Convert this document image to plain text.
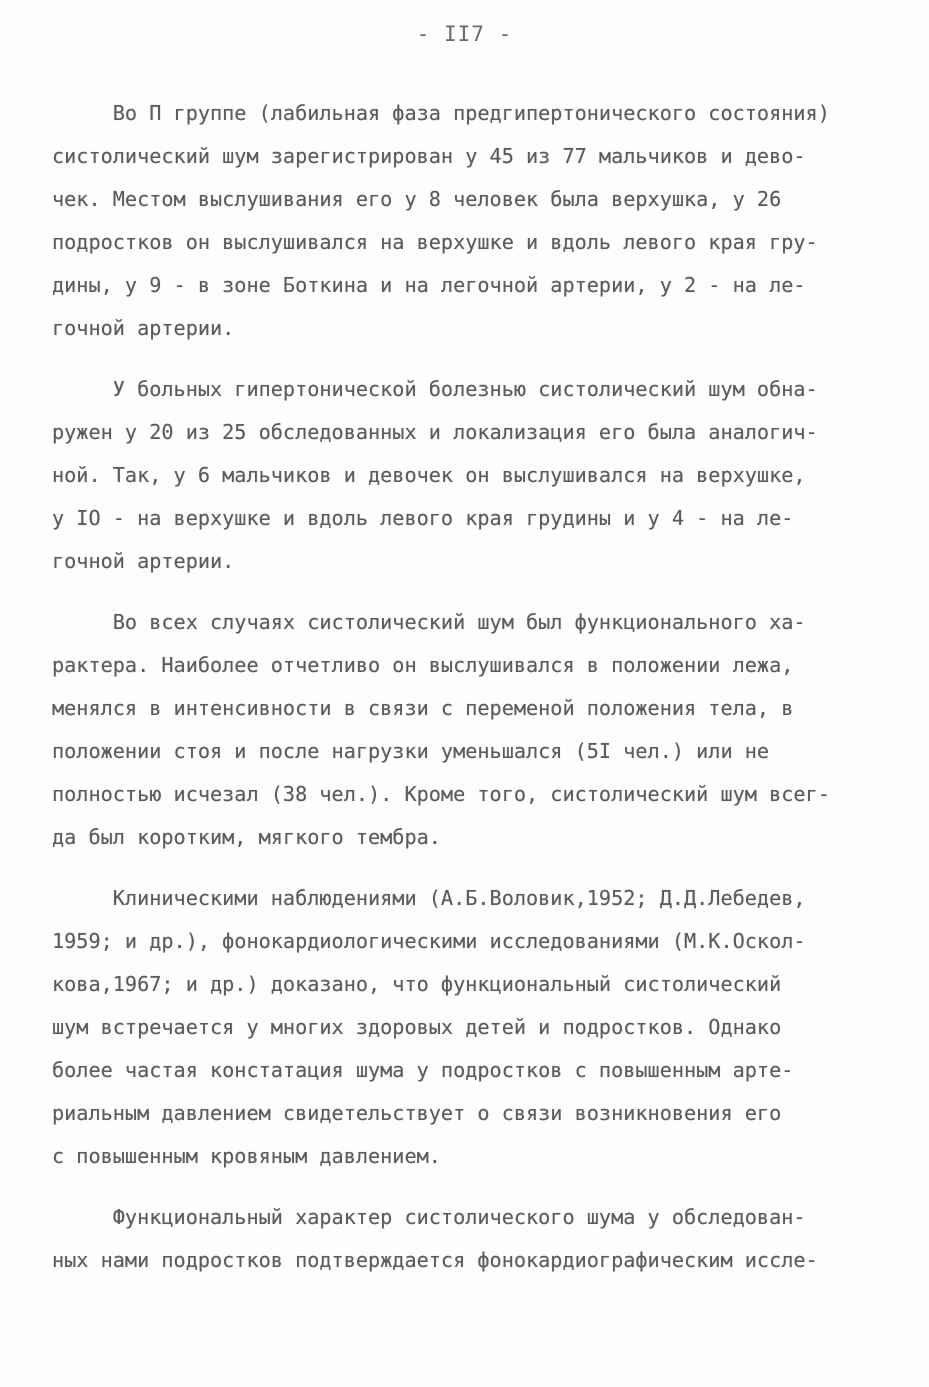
- II7 -
Во П группе (лабильная фаза предгипертонического состояния)
систолический шум зарегистрирован у 45 из 77 мальчиков и дево-
чек. Местом выслушивания его у 8 человек была верхушка, у 26
подростков он выслушивался на верхушке и вдоль левого края гру-
дины, у 9 - в зоне Боткина и на легочной артерии, у 2 - на ле-
гочной артерии.
У больных гипертонической болезнью систолический шум обна-
ружен у 20 из 25 обследованных и локализация его была аналогич-
ной. Так, у 6 мальчиков и девочек он выслушивался на верхушке,
у IO - на верхушке и вдоль левого края грудины и у 4 - на ле-
гочной артерии.
Во всех случаях систолический шум был функционального ха-
рактера. Наиболее отчетливо он выслушивался в положении лежа,
менялся в интенсивности в связи с переменой положения тела, в
положении стоя и после нагрузки уменьшался (5I чел.) или не
полностью исчезал (38 чел.). Кроме того, систолический шум всег-
да был коротким, мягкого тембра.
Клиническими наблюдениями (А.Б.Воловик,1952; Д.Д.Лебедев,
1959; и др.), фонокардиологическими исследованиями (М.К.Оскол-
кова,1967; и др.) доказано, что функциональный систолический
шум встречается у многих здоровых детей и подростков. Однако
более частая констатация шума у подростков с повышенным арте-
риальным давлением свидетельствует о связи возникновения его
с повышенным кровяным давлением.
Функциональный характер систолического шума у обследован-
ных нами подростков подтверждается фонокардиографическим иссле-
